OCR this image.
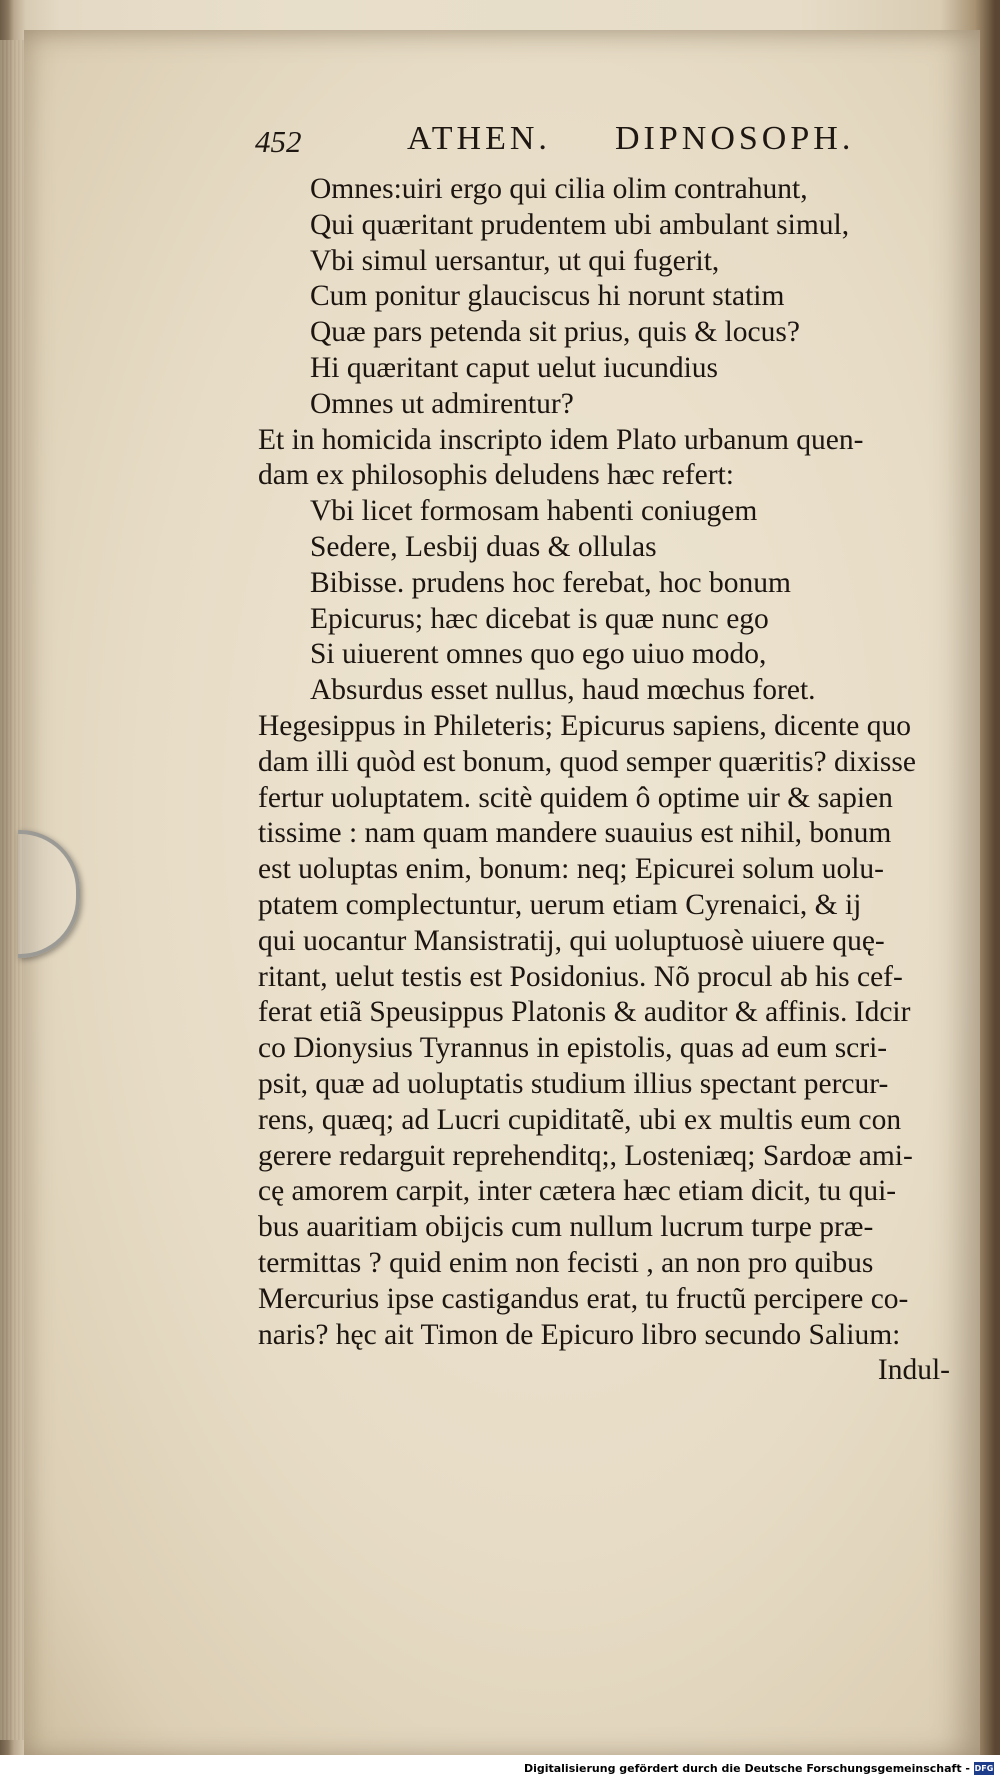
452	ATHEN. DIPNOSOPH.
Omnes:uiri ergo qui cilia olim contrahunt,
Qui quæritant prudentem ubi ambulant simul,
Vbi simul uersantur, ut qui fugerit,
Cum ponitur glauciscus hi norunt statim
Quæ pars petenda sit prius, quis & locus?
Hi quæritant caput uelut iucundius
Omnes ut admirentur?
Et in homicida inscripto idem Plato urbanum quen-
dam ex philosophis deludens hæc refert:
Vbi licet formosam habenti coniugem
Sedere, Lesbij duas & ollulas
Bibisse. prudens hoc ferebat, hoc bonum
Epicurus; hæc dicebat is quæ nunc ego
Si uiuerent omnes quo ego uiuo modo,
Absurdus esset nullus, haud mœchus foret.
Hegesippus in Phileteris; Epicurus sapiens, dicente quo
dam illi quòd est bonum, quod semper quæritis? dixisse
fertur uoluptatem. scitè quidem ô optime uir & sapien
tissime : nam quam mandere suauius est nihil, bonum
est uoluptas enim, bonum: neq; Epicurei solum uolu-
ptatem complectuntur, uerum etiam Cyrenaici, & ij
qui uocantur Mansistratij, qui uoluptuosè uiuere quę-
ritant, uelut testis est Posidonius. Nõ procul ab his cef-
ferat etiã Speusippus Platonis & auditor & affinis. Idcir
co Dionysius Tyrannus in epistolis, quas ad eum scri-
psit, quæ ad uoluptatis studium illius spectant percur-
rens, quæq; ad Lucri cupiditatẽ, ubi ex multis eum con
gerere redarguit reprehenditq;, Losteniæq; Sardoæ ami-
cę amorem carpit, inter cætera hæc etiam dicit, tu qui-
bus auaritiam obijcis cum nullum lucrum turpe præ-
termittas ? quid enim non fecisti , an non pro quibus
Mercurius ipse castigandus erat, tu fructũ percipere co-
naris? hęc ait Timon de Epicuro libro secundo Salium:
Indul-
Digitalisierung gefördert durch die Deutsche Forschungsgemeinschaft - DFG
